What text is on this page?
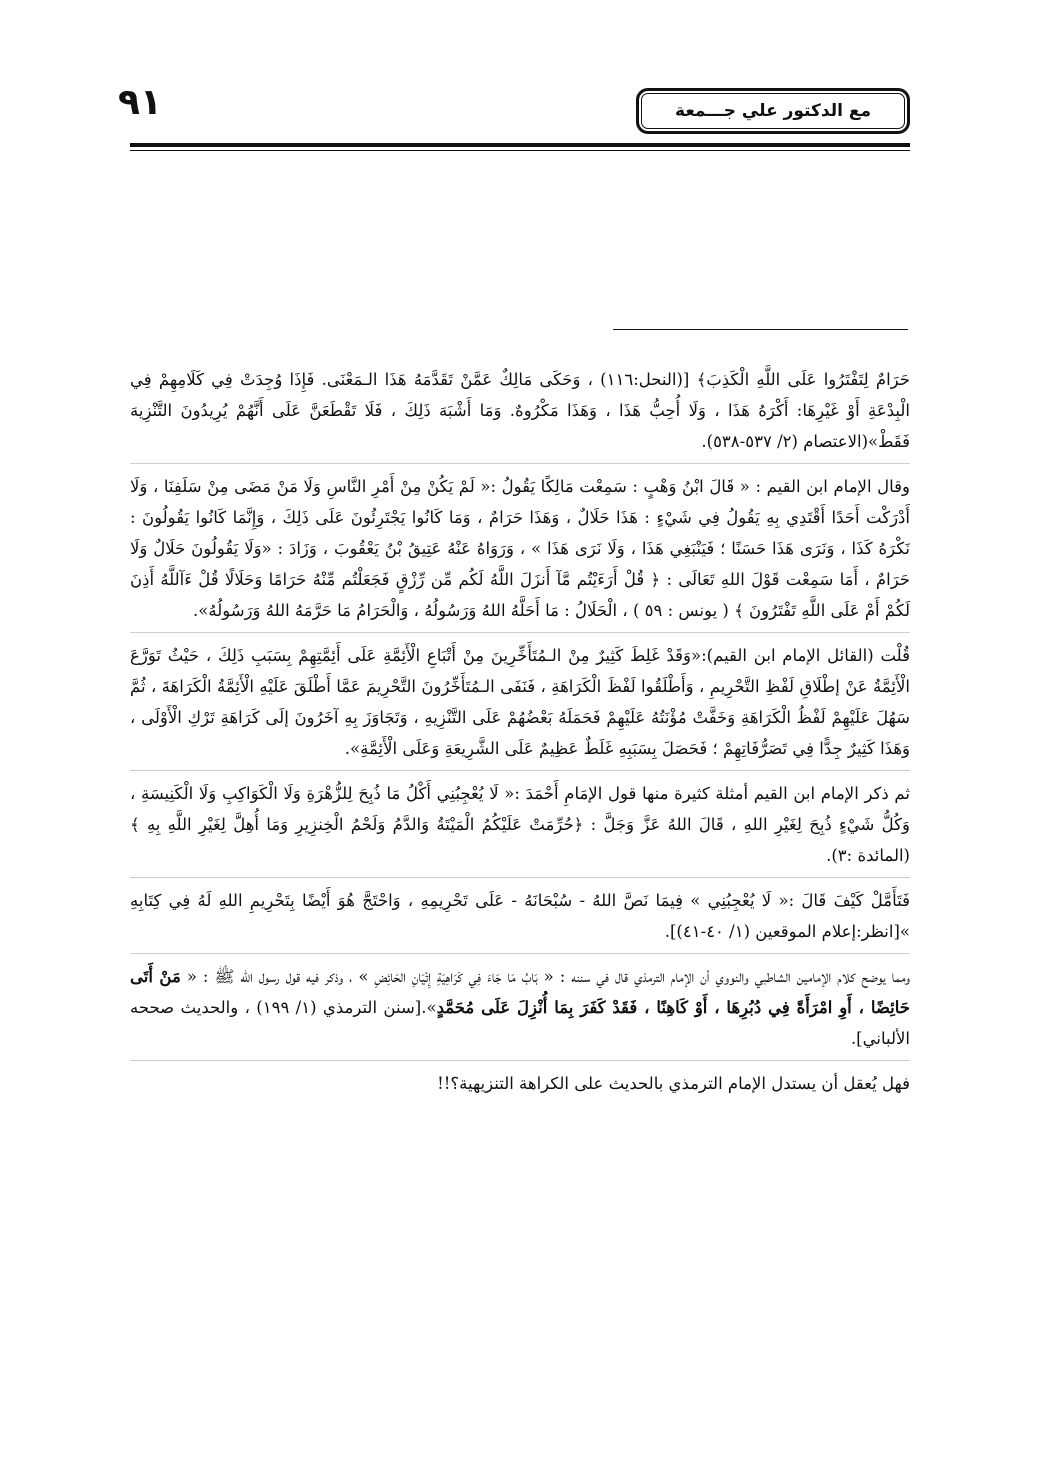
٩١	مع الدكتور علي جـــمعة

حَرَامٌ لِتَفْتَرُوا عَلَى اللَّهِ الْكَذِبَ﴾ [(النحل:١١٦) ، وَحَكَى مَالِكٌ عَمَّنْ تَقَدَّمَهُ هَذَا الـمَعْنَى. فَإِذَا وُجِدَتْ فِي كَلَامِهِمْ فِي الْبِدْعَةِ أَوْ غَيْرِهَا: أَكْرَهُ هَذَا ، وَلَا أُحِبُّ هَذَا ، وَهَذَا مَكْرُوهٌ. وَمَا أَشْبَهَ ذَلِكَ ، فَلَا تَقْطَعَنَّ عَلَى أَنَّهُمْ يُرِيدُونَ التَّنْزِيهَ فَقَطْ»(الاعتصام (٢/ ٥٣٧-٥٣٨).

وقال الإمام ابن القيم : « قَالَ ابْنُ وَهْبٍ : سَمِعْت مَالِكًا يَقُولُ :« لَمْ يَكُنْ مِنْ أَمْرِ النَّاسِ وَلَا مَنْ مَضَى مِنْ سَلَفِنَا ، وَلَا أَدْرَكْت أَحَدًا أَقْتَدِي بِهِ يَقُولُ فِي شَيْءٍ : هَذَا حَلَالٌ ، وَهَذَا حَرَامٌ ، وَمَا كَانُوا يَجْتَرِئُونَ عَلَى ذَلِكَ ، وَإِنَّمَا كَانُوا يَقُولُونَ : نَكْرَهُ كَذَا ، وَنَرَى هَذَا حَسَنًا ؛ فَيَنْبَغِي هَذَا ، وَلَا نَرَى هَذَا » ، وَرَوَاهُ عَنْهُ عَتِيقُ بْنُ يَعْقُوبَ ، وَزَادَ : «وَلَا يَقُولُونَ حَلَالٌ وَلَا حَرَامٌ ، أَمَا سَمِعْت قَوْلَ اللهِ تَعَالَى : ﴿ قُلْ أَرَءَيْتُم مَّآ أَنزَلَ اللَّهُ لَكُم مِّن رِّزْقٍ فَجَعَلْتُم مِّنْهُ حَرَامًا وَحَلَالًا قُلْ ءَآللَّهُ أَذِنَ لَكُمْ أَمْ عَلَى اللَّهِ تَفْتَرُونَ ﴾ ( يونس : ٥٩ ) ، الْحَلَالُ : مَا أَحَلَّهُ اللهُ وَرَسُولُهُ ، وَالْحَرَامُ مَا حَرَّمَهُ اللهُ وَرَسُولُهُ».

قُلْت (القائل الإمام ابن القيم):«وَقَدْ غَلِطَ كَثِيرٌ مِنْ الـمُتَأَخِّرِينَ مِنْ أَتْبَاعِ الْأَئِمَّةِ عَلَى أَئِمَّتِهِمْ بِسَبَبِ ذَلِكَ ، حَيْثُ تَوَرَّعَ الْأَئِمَّةُ عَنْ إطْلَاقِ لَفْظِ التَّحْرِيمِ ، وَأَطْلَقُوا لَفْظَ الْكَرَاهَةِ ، فَنَفَى الـمُتَأَخِّرُونَ التَّحْرِيمَ عَمَّا أَطْلَقَ عَلَيْهِ الْأَئِمَّةُ الْكَرَاهَةَ ، ثُمَّ سَهُلَ عَلَيْهِمْ لَفْظُ الْكَرَاهَةِ وَخَفَّتْ مُؤْنَتُهُ عَلَيْهِمْ فَحَمَلَهُ بَعْضُهُمْ عَلَى التَّنْزِيهِ ، وَتَجَاوَزَ بِهِ آخَرُونَ إلَى كَرَاهَةِ تَرْكِ الْأَوْلَى ، وَهَذَا كَثِيرٌ جِدًّا فِي تَصَرُّفَاتِهِمْ ؛ فَحَصَلَ بِسَبَبِهِ غَلَطٌ عَظِيمٌ عَلَى الشَّرِيعَةِ وَعَلَى الْأَئِمَّةِ».

ثم ذكر الإمام ابن القيم أمثلة كثيرة منها قول الإمَامِ أَحْمَدَ :« لَا يُعْجِبُنِي أَكْلُ مَا ذُبِحَ لِلزُّهْرَةِ وَلَا الْكَوَاكِبِ وَلَا الْكَنِيسَةِ ، وَكُلُّ شَيْءٍ ذُبِحَ لِغَيْرِ اللهِ ، قَالَ اللهُ عَزَّ وَجَلَّ : ﴿حُرِّمَتْ عَلَيْكُمُ الْمَيْتَةُ وَالدَّمُ وَلَحْمُ الْخِنزِيرِ وَمَا أُهِلَّ لِغَيْرِ اللَّهِ بِهِ ﴾ (المائدة :٣).

فَتَأَمَّلْ كَيْفَ قَالَ :« لَا يُعْجِبُنِي » فِيمَا نَصَّ اللهُ - سُبْحَانَهُ - عَلَى تَحْرِيمِهِ ، وَاحْتَجَّ هُوَ أَيْضًا بِتَحْرِيمِ اللهِ لَهُ فِي كِتَابِهِ »[انظر:إعلام الموقعين (١/ ٤٠-٤١)].

ومما يوضح كلام الإمامين الشاطبي والنووي أن الإمام الترمذي قال في سننه : « بَابُ مَا جَاءَ فِي كَرَاهِيَةِ إِتْيَانِ الحَائِضِ » ، وذكر فيه قول رسول الله ﷺ : « مَنْ أَتَى حَائِضًا ، أَوِ امْرَأَةً فِي دُبُرِهَا ، أَوْ كَاهِنًا ، فَقَدْ كَفَرَ بِمَا أُنْزِلَ عَلَى مُحَمَّدٍ».[سنن الترمذي (١/ ١٩٩) ، والحديث صححه الألباني].

فهل يُعقل أن يستدل الإمام الترمذي بالحديث على الكراهة التنزيهية؟!!
